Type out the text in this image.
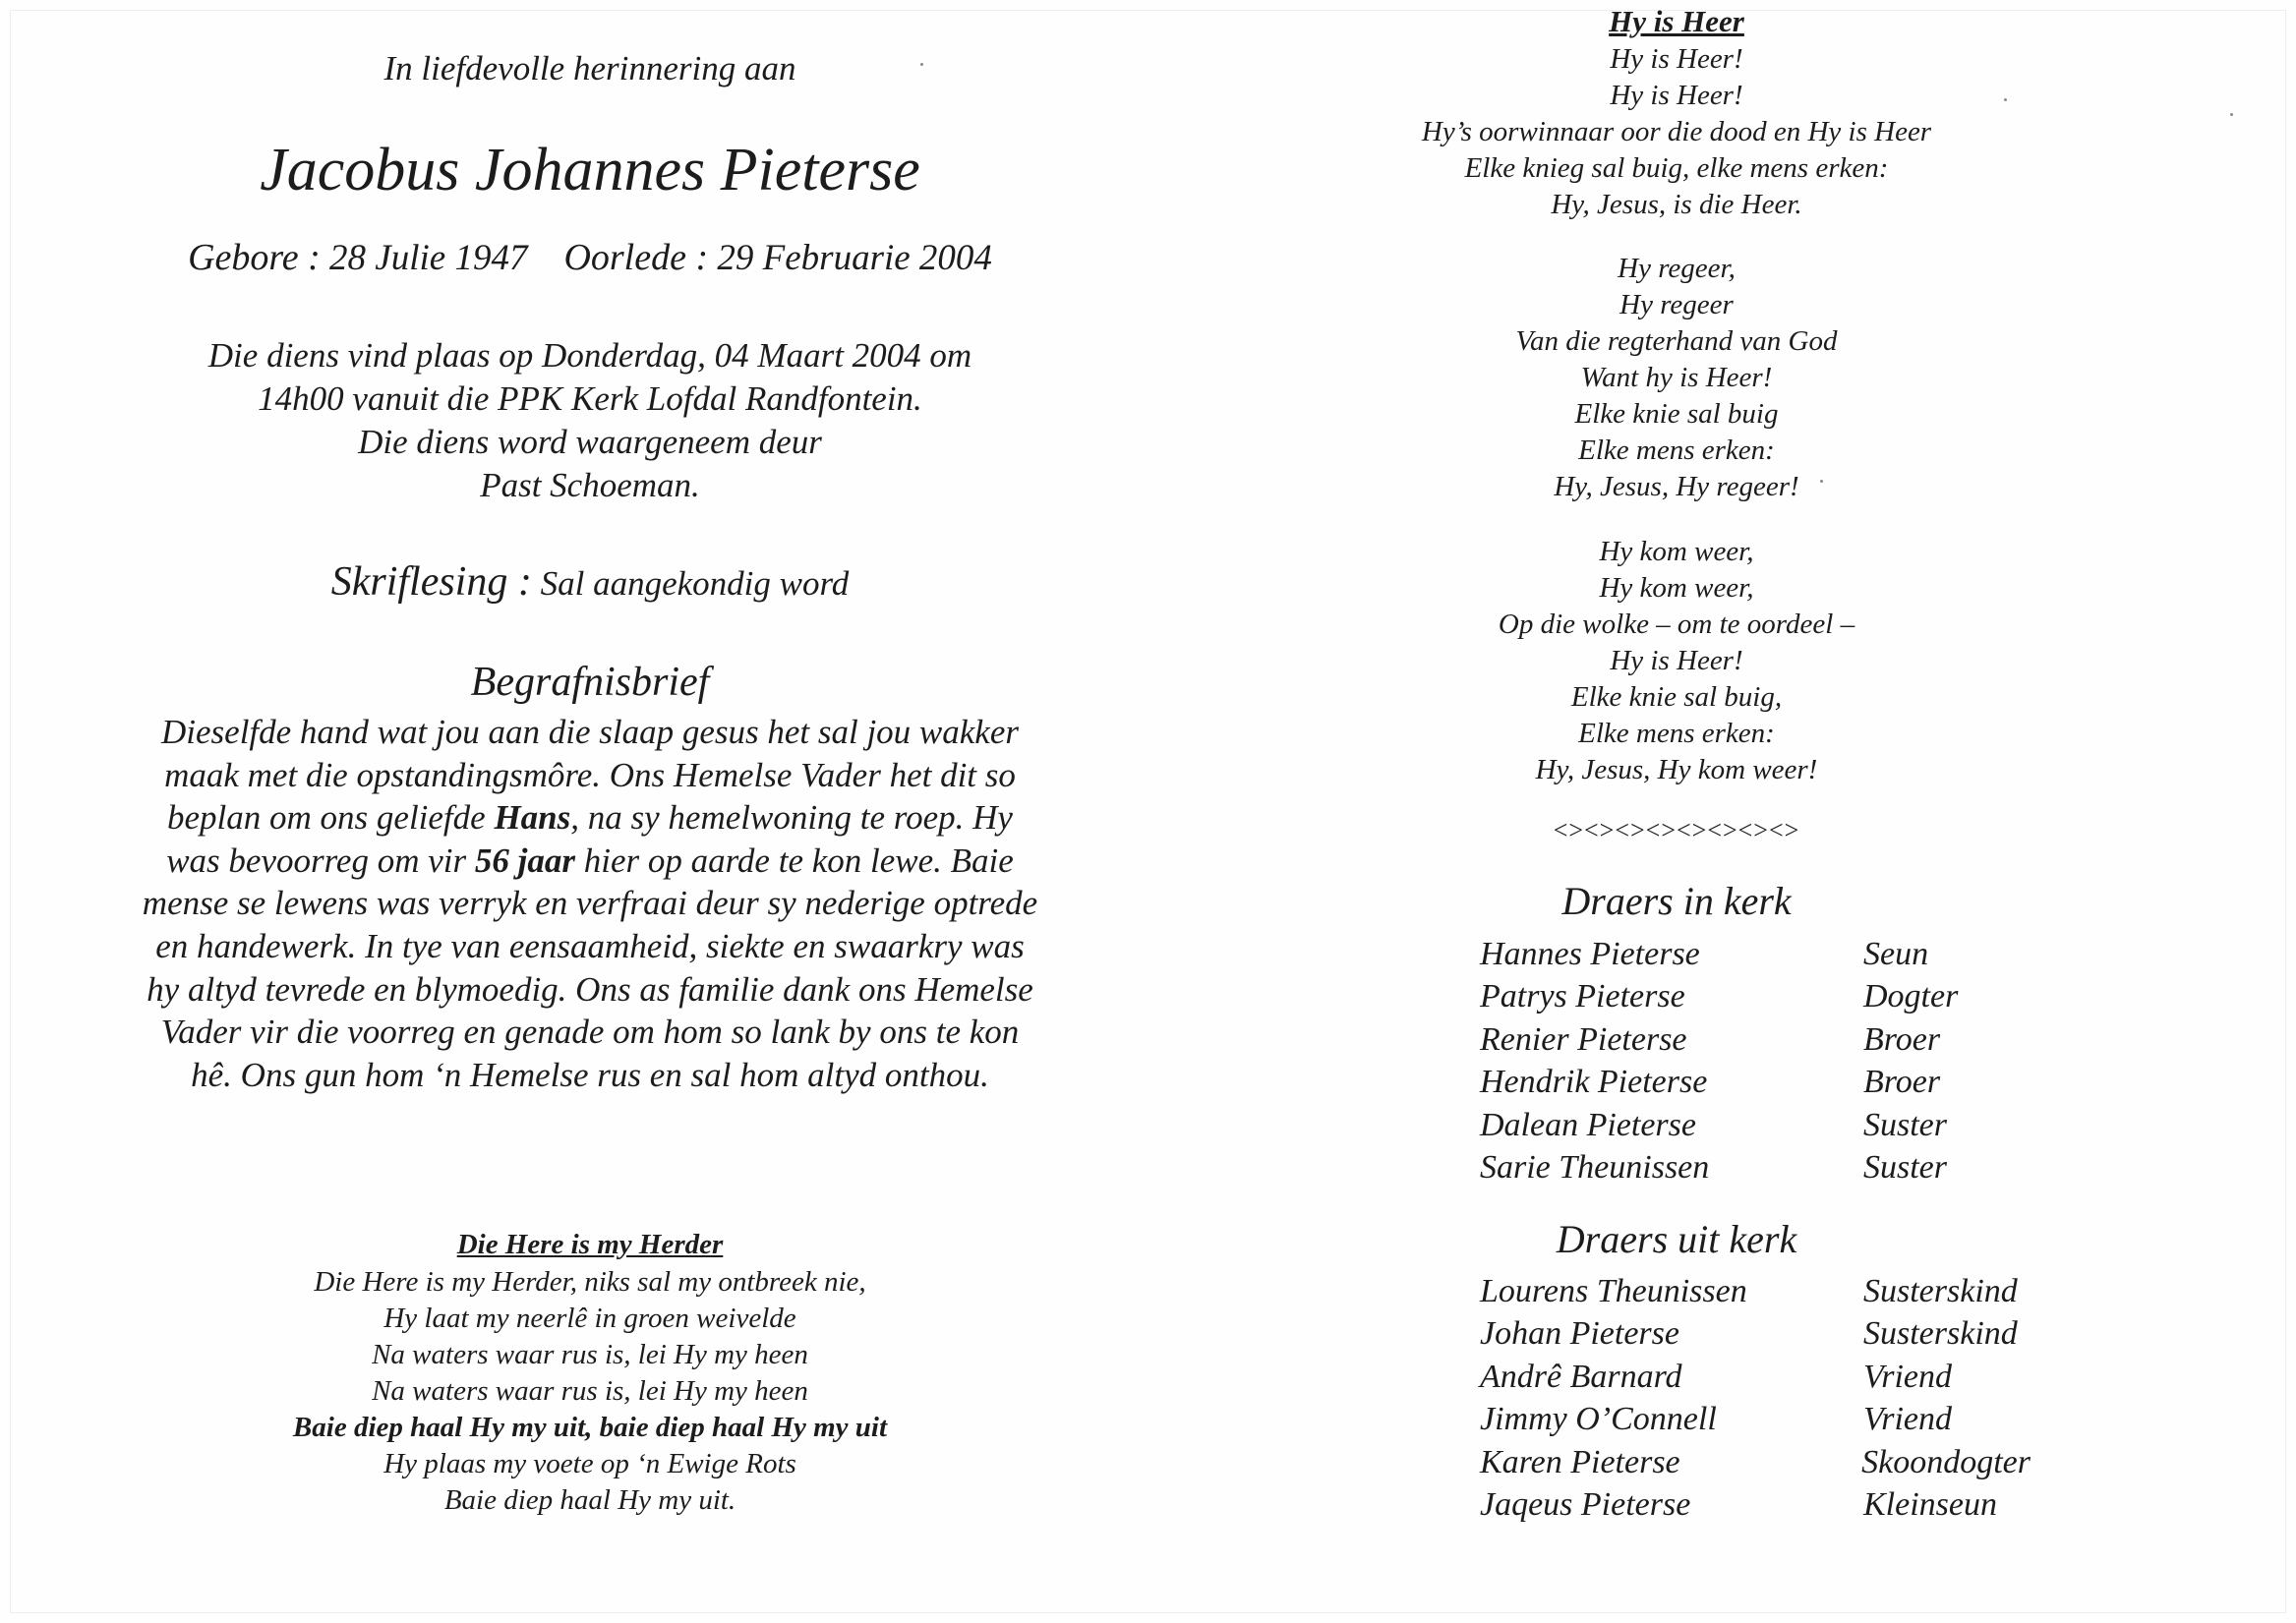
In liefdevolle herinnering aan
Jacobus Johannes Pieterse
Gebore : 28 Julie 1947 Oorlede : 29 Februarie 2004
Die diens vind plaas op Donderdag, 04 Maart 2004 om
14h00 vanuit die PPK Kerk Lofdal Randfontein.
Die diens word waargeneem deur
Past Schoeman.
Skriflesing : Sal aangekondig word
Begrafnisbrief
Dieselfde hand wat jou aan die slaap gesus het sal jou wakker maak met die opstandingsmôre. Ons Hemelse Vader het dit so beplan om ons geliefde Hans, na sy hemelwoning te roep. Hy was bevoorreg om vir 56 jaar hier op aarde te kon lewe. Baie mense se lewens was verryk en verfraai deur sy nederige optrede en handewerk. In tye van eensaamheid, siekte en swaarkry was hy altyd tevrede en blymoedig. Ons as familie dank ons Hemelse Vader vir die voorreg en genade om hom so lank by ons te kon hê. Ons gun hom ‘n Hemelse rus en sal hom altyd onthou.
Die Here is my Herder
Die Here is my Herder, niks sal my ontbreek nie,
Hy laat my neerlê in groen weivelde
Na waters waar rus is, lei Hy my heen
Na waters waar rus is, lei Hy my heen
Baie diep haal Hy my uit, baie diep haal Hy my uit
Hy plaas my voete op ‘n Ewige Rots
Baie diep haal Hy my uit.
Hy is Heer
Hy is Heer!
Hy is Heer!
Hy’s oorwinnaar oor die dood en Hy is Heer
Elke knieg sal buig, elke mens erken:
Hy, Jesus, is die Heer.
Hy regeer,
Hy regeer
Van die regterhand van God
Want hy is Heer!
Elke knie sal buig
Elke mens erken:
Hy, Jesus, Hy regeer!
Hy kom weer,
Hy kom weer,
Op die wolke – om te oordeel –
Hy is Heer!
Elke knie sal buig,
Elke mens erken:
Hy, Jesus, Hy kom weer!
<><><><><><><><>
Draers in kerk
Hannes Pieterse	Seun
Patrys Pieterse	Dogter
Renier Pieterse	Broer
Hendrik Pieterse	Broer
Dalean Pieterse	Suster
Sarie Theunissen	Suster
Draers uit kerk
Lourens Theunissen	Susterskind
Johan Pieterse	Susterskind
Andrê Barnard	Vriend
Jimmy O’Connell	Vriend
Karen Pieterse	Skoondogter
Jaqeus Pieterse	Kleinseun
